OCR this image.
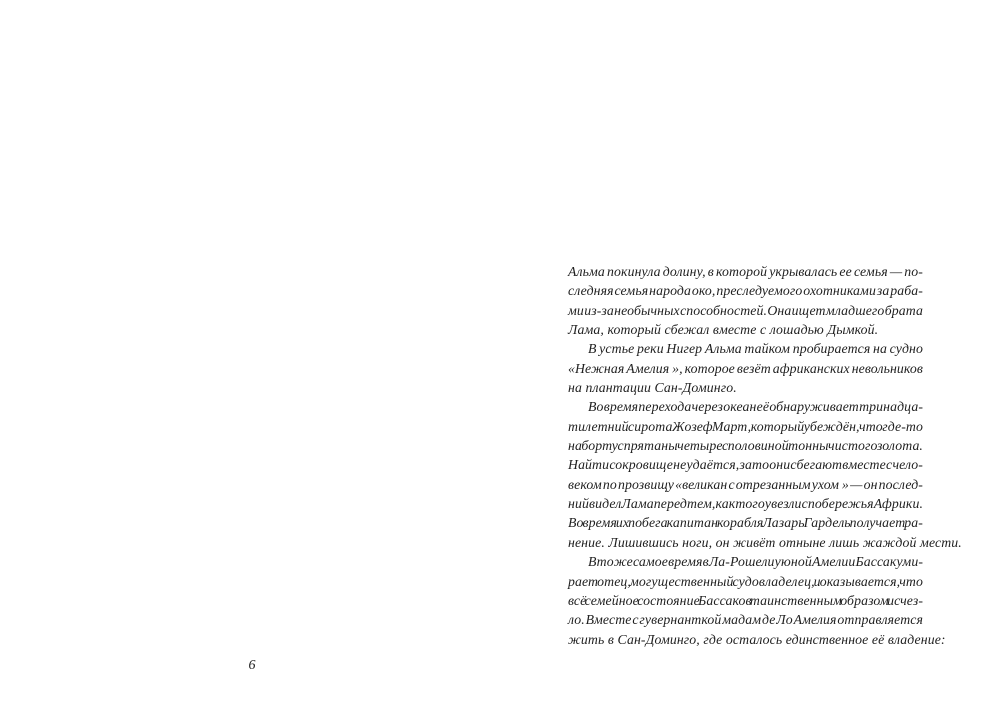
6
Альма покинула долину, в которой укрывалась ее семья — по-
следняя семья народа око, преследуемого охотниками за раба-
ми из-за необычных способностей. Она ищет младшего брата
Лама, который сбежал вместе с лошадью Дымкой.
В устье реки Нигер Альма тайком пробирается на судно
«Нежная Амелия », которое везёт африканских невольников
на плантации Сан-Доминго.
Во время перехода через океан её обнаруживает тринадца-
тилетний сирота Жозеф Март, который убеждён, что где-то
на борту спрятаны четыре с половиной тонны чистого золота.
Найти сокровище не удаётся, зато они сбегают вместе с чело-
веком по прозвищу «великан с отрезанным ухом » — он послед-
ний видел Лама перед тем, как того увезли с побережья Африки.
Во время их побега капитан корабля Лазарь Гардель получает ра-
нение. Лишившись ноги, он живёт отныне лишь жаждой мести.
В то же самое время в Ла-Рошели у юной Амелии Бассак уми-
рает отец, могущественный судовладелец, и оказывается, что
всё семейное состояние Бассаков таинственным образом исчез-
ло. Вместе с гувернанткой мадам де Ло Амелия отправляется
жить в Сан-Доминго, где осталось единственное её владение:
